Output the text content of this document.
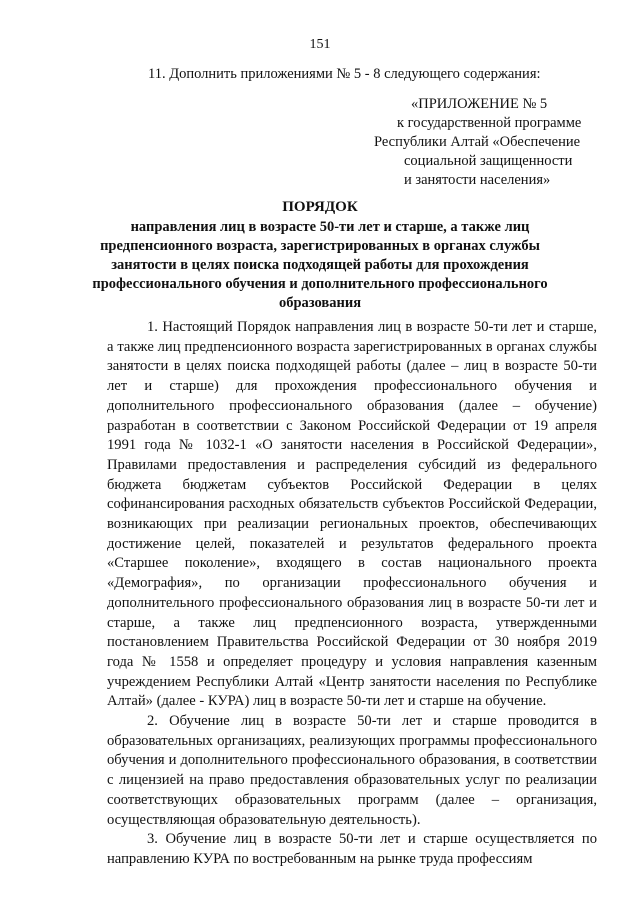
151
11. Дополнить приложениями № 5 - 8 следующего содержания:
«ПРИЛОЖЕНИЕ № 5
к государственной программе
Республики Алтай «Обеспечение
социальной защищенности
и занятости населения»
ПОРЯДОК
направления лиц в возрасте 50-ти лет и старше, а также лиц
предпенсионного возраста, зарегистрированных в органах службы
занятости в целях поиска подходящей работы для прохождения
профессионального обучения и дополнительного профессионального
образования

1. Настоящий Порядок направления лиц в возрасте 50-ти лет и старше, а также лиц предпенсионного возраста зарегистрированных в органах службы занятости в целях поиска подходящей работы (далее – лиц в возрасте 50-ти лет и старше) для прохождения профессионального обучения и дополнительного профессионального образования (далее – обучение) разработан в соответствии с Законом Российской Федерации от 19 апреля 1991 года № 1032-1 «О занятости населения в Российской Федерации», Правилами предоставления и распределения субсидий из федерального бюджета бюджетам субъектов Российской Федерации в целях софинансирования расходных обязательств субъектов Российской Федерации, возникающих при реализации региональных проектов, обеспечивающих достижение целей, показателей и результатов федерального проекта «Старшее поколение», входящего в состав национального проекта «Демография», по организации профессионального обучения и дополнительного профессионального образования лиц в возрасте 50-ти лет и старше, а также лиц предпенсионного возраста, утвержденными постановлением Правительства Российской Федерации от 30 ноября 2019 года № 1558 и определяет процедуру и условия направления казенным учреждением Республики Алтай «Центр занятости населения по Республике Алтай» (далее - КУРА) лиц в возрасте 50-ти лет и старше на обучение.

2. Обучение лиц в возрасте 50-ти лет и старше проводится в образовательных организациях, реализующих программы профессионального обучения и дополнительного профессионального образования, в соответствии с лицензией на право предоставления образовательных услуг по реализации соответствующих образовательных программ (далее – организация, осуществляющая образовательную деятельность).

3. Обучение лиц в возрасте 50-ти лет и старше осуществляется по направлению КУРА по востребованным на рынке труда профессиям
